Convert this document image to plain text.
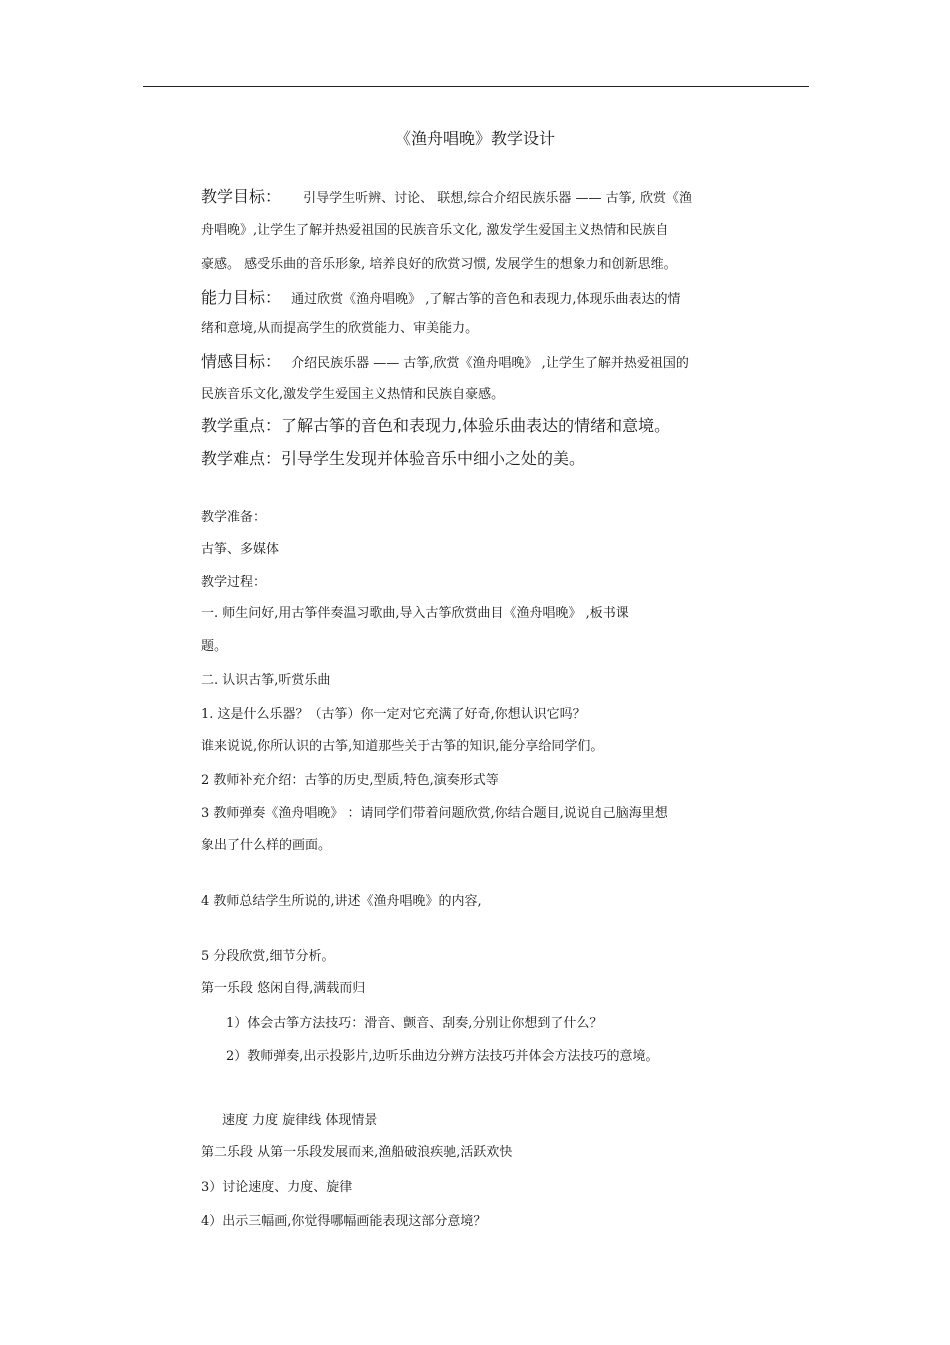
《渔舟唱晚》教学设计
教学目标： 引导学生听辨、讨论、 联想,综合介绍民族乐器 —— 古筝, 欣赏《渔
舟唱晚》,让学生了解并热爱祖国的民族音乐文化, 激发学生爱国主义热情和民族自
豪感。 感受乐曲的音乐形象, 培养良好的欣赏习惯, 发展学生的想象力和创新思维。
能力目标： 通过欣赏《渔舟唱晚》 ,了解古筝的音色和表现力,体现乐曲表达的情
绪和意境,从而提高学生的欣赏能力、审美能力。
情感目标： 介绍民族乐器 —— 古筝,欣赏《渔舟唱晚》 ,让学生了解并热爱祖国的
民族音乐文化,激发学生爱国主义热情和民族自豪感。
教学重点：了解古筝的音色和表现力,体验乐曲表达的情绪和意境。
教学难点：引导学生发现并体验音乐中细小之处的美。
教学准备：
古筝、多媒体
教学过程：
一. 师生问好,用古筝伴奏温习歌曲,导入古筝欣赏曲目《渔舟唱晚》 ,板书课
题。
二. 认识古筝,听赏乐曲
1. 这是什么乐器？（古筝）你一定对它充满了好奇,你想认识它吗？
谁来说说,你所认识的古筝,知道那些关于古筝的知识,能分享给同学们。
2 教师补充介绍：古筝的历史,型质,特色,演奏形式等
3 教师弹奏《渔舟唱晚》 ：请同学们带着问题欣赏,你结合题目,说说自己脑海里想
象出了什么样的画面。
4 教师总结学生所说的,讲述《渔舟唱晚》的内容,
5 分段欣赏,细节分析。
第一乐段 悠闲自得,满载而归
1）体会古筝方法技巧：滑音、颤音、刮奏,分别让你想到了什么？
2）教师弹奏,出示投影片,边听乐曲边分辨方法技巧并体会方法技巧的意境。
速度 力度 旋律线 体现情景
第二乐段 从第一乐段发展而来,渔船破浪疾驰,活跃欢快
3）讨论速度、力度、旋律
4）出示三幅画,你觉得哪幅画能表现这部分意境？
